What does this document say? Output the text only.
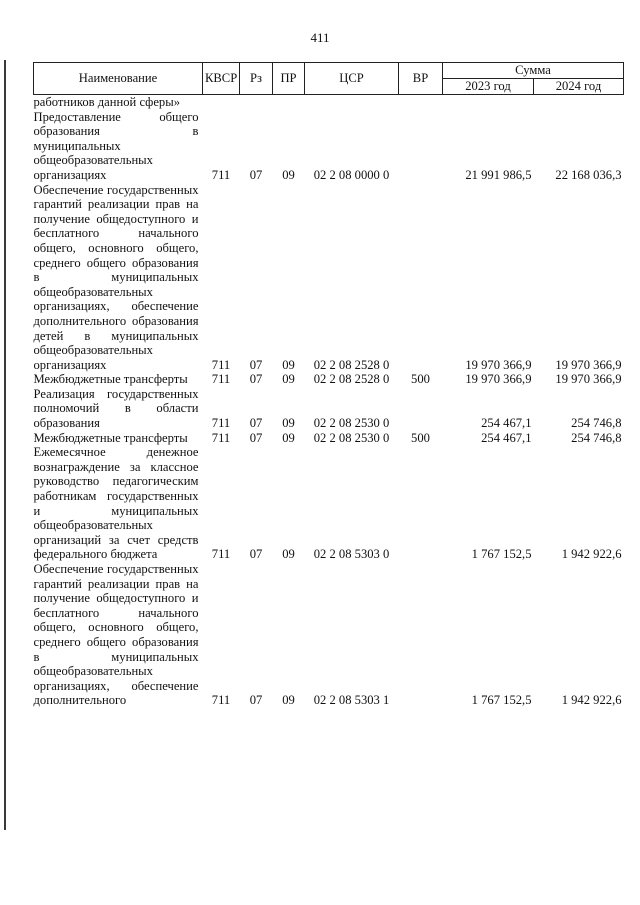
411
Наименование	КВСР	Рз	ПР	ЦСР	ВР	Сумма	
						2023 год	2024 год
работников данной сферы»							
Предоставление общего образования в муниципальных общеобразовательных организациях	711	07	09	02 2 08 0000 0		21 991 986,5	22 168 036,3
Обеспечение государственных гарантий реализации прав на получение общедоступного и бесплатного начального общего, основного общего, среднего общего образования в муниципальных общеобразовательных организациях, обеспечение дополнительного образования детей в муниципальных общеобразовательных организациях	711	07	09	02 2 08 2528 0		19 970 366,9	19 970 366,9
Межбюджетные трансферты	711	07	09	02 2 08 2528 0	500	19 970 366,9	19 970 366,9
Реализация государственных полномочий в области образования	711	07	09	02 2 08 2530 0		254 467,1	254 746,8
Межбюджетные трансферты	711	07	09	02 2 08 2530 0	500	254 467,1	254 746,8
Ежемесячное денежное вознаграждение за классное руководство педагогическим работникам государственных и муниципальных общеобразовательных организаций за счет средств федерального бюджета	711	07	09	02 2 08 5303 0		1 767 152,5	1 942 922,6
Обеспечение государственных гарантий реализации прав на получение общедоступного и бесплатного начального общего, основного общего, среднего общего образования в муниципальных общеобразовательных организациях, обеспечение дополнительного	711	07	09	02 2 08 5303 1		1 767 152,5	1 942 922,6
